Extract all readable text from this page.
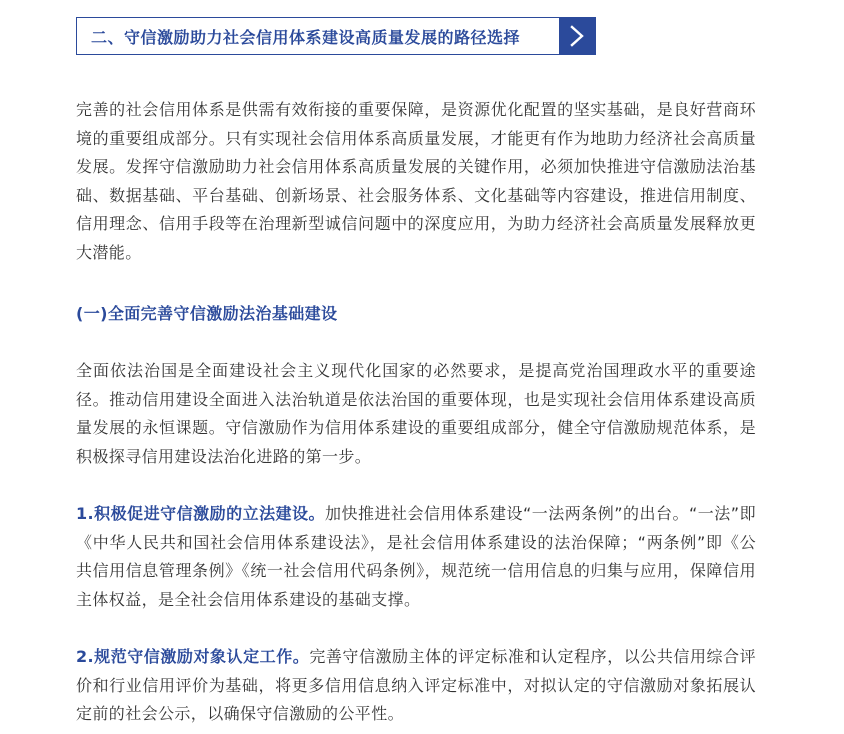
二、守信激励助力社会信用体系建设高质量发展的路径选择

完善的社会信用体系是供需有效衔接的重要保障，是资源优化配置的坚实基础，是良好营商环境的重要组成部分。只有实现社会信用体系高质量发展，才能更有作为地助力经济社会高质量发展。发挥守信激励助力社会信用体系高质量发展的关键作用，必须加快推进守信激励法治基础、数据基础、平台基础、创新场景、社会服务体系、文化基础等内容建设，推进信用制度、信用理念、信用手段等在治理新型诚信问题中的深度应用，为助力经济社会高质量发展释放更大潜能。

(一)全面完善守信激励法治基础建设

全面依法治国是全面建设社会主义现代化国家的必然要求，是提高党治国理政水平的重要途径。推动信用建设全面进入法治轨道是依法治国的重要体现，也是实现社会信用体系建设高质量发展的永恒课题。守信激励作为信用体系建设的重要组成部分，健全守信激励规范体系，是积极探寻信用建设法治化进路的第一步。

1.积极促进守信激励的立法建设。加快推进社会信用体系建设“一法两条例”的出台。“一法”即《中华人民共和国社会信用体系建设法》，是社会信用体系建设的法治保障；“两条例”即《公共信用信息管理条例》《统一社会信用代码条例》，规范统一信用信息的归集与应用，保障信用主体权益，是全社会信用体系建设的基础支撑。

2.规范守信激励对象认定工作。完善守信激励主体的评定标准和认定程序，以公共信用综合评价和行业信用评价为基础，将更多信用信息纳入评定标准中，对拟认定的守信激励对象拓展认定前的社会公示，以确保守信激励的公平性。
